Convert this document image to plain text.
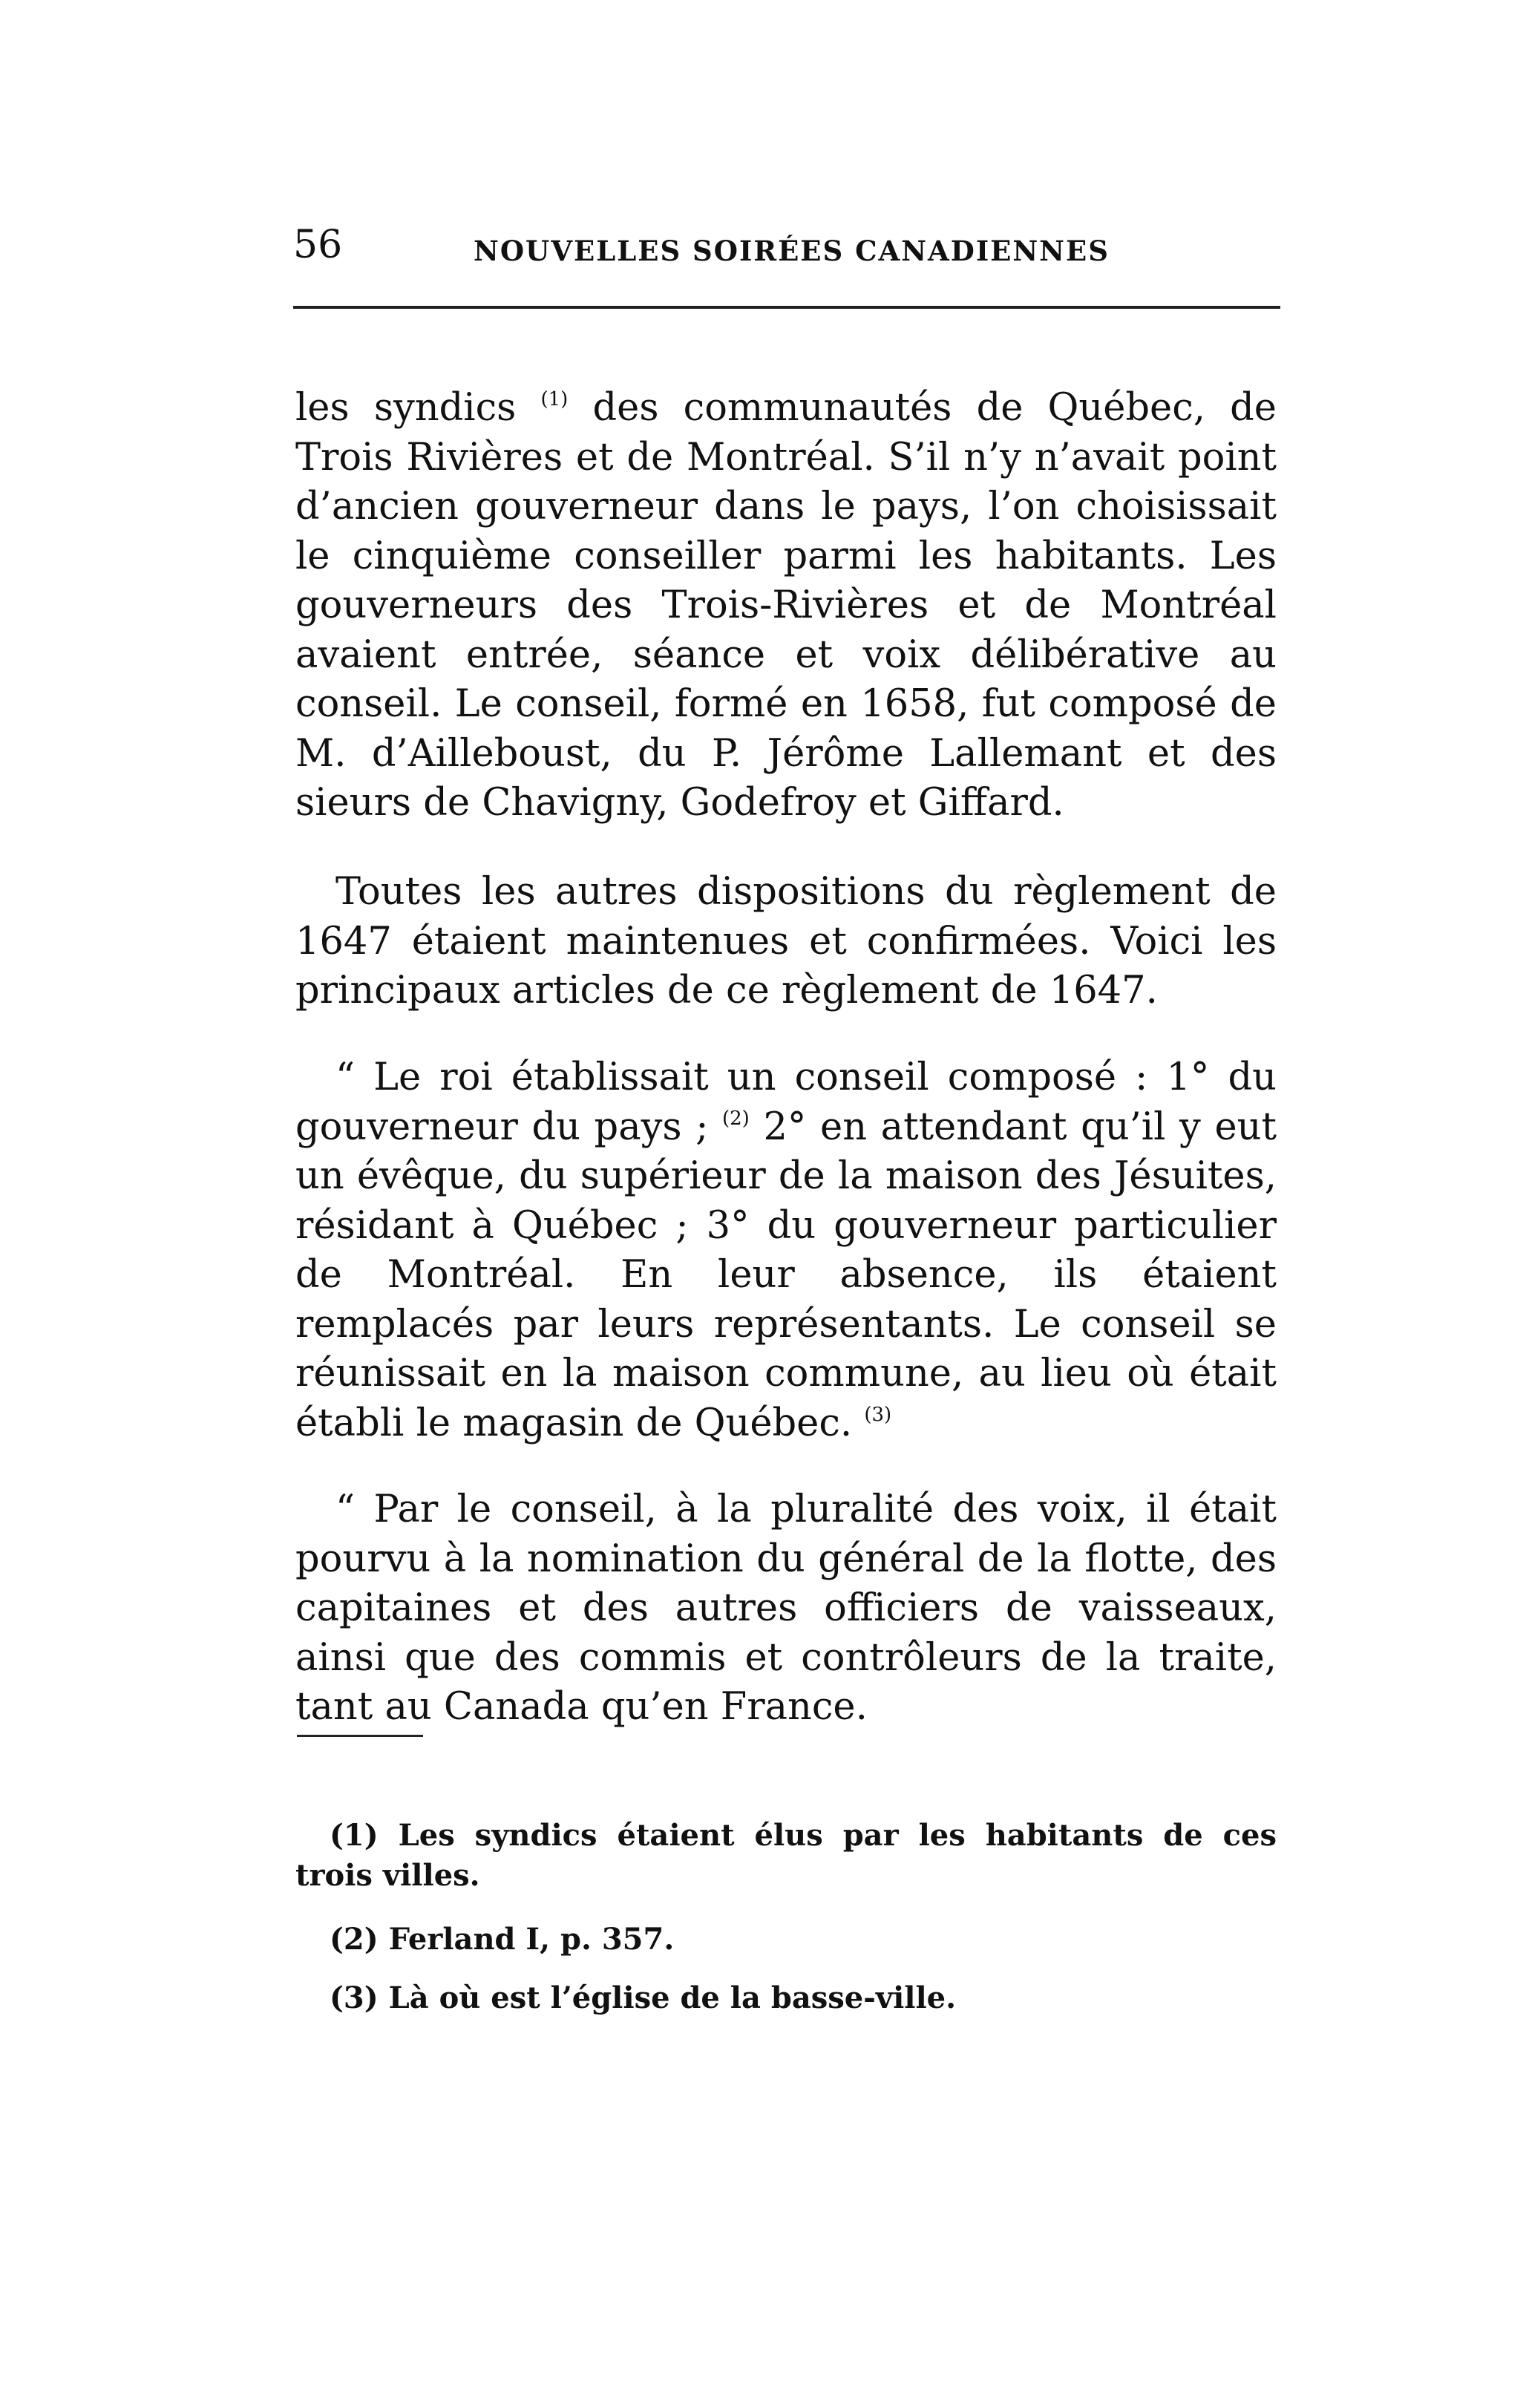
56	NOUVELLES SOIRÉES CANADIENNES

les syndics $^{(1)}$ des communautés de Québec, de Trois Rivières et de Montréal. S’il n’y n’avait point d’ancien gouverneur dans le pays, l’on choisissait le cinquième conseiller parmi les habitants. Les gouverneurs des Trois-Rivières et de Montréal avaient entrée, séance et voix délibérative au conseil. Le conseil, formé en 1658, fut composé de M. d’Ailleboust, du P. Jérôme Lallemant et des sieurs de Chavigny, Godefroy et Giffard.

Toutes les autres dispositions du règlement de 1647 étaient maintenues et confirmées. Voici les principaux articles de ce règlement de 1647.

“ Le roi établissait un conseil composé : 1° du gouverneur du pays ; $^{(2)}$ 2° en attendant qu’il y eut un évêque, du supérieur de la maison des Jésuites, résidant à Québec ; 3° du gouverneur particulier de Montréal. En leur absence, ils étaient remplacés par leurs représentants. Le conseil se réunissait en la maison commune, au lieu où était établi le magasin de Québec. $^{(3)}$

“ Par le conseil, à la pluralité des voix, il était pourvu à la nomination du général de la flotte, des capitaines et des autres officiers de vaisseaux, ainsi que des commis et contrôleurs de la traite, tant au Canada qu’en France.

(1) Les syndics étaient élus par les habitants de ces trois villes.

(2) Ferland I, p. 357.

(3) Là où est l’église de la basse-ville.
